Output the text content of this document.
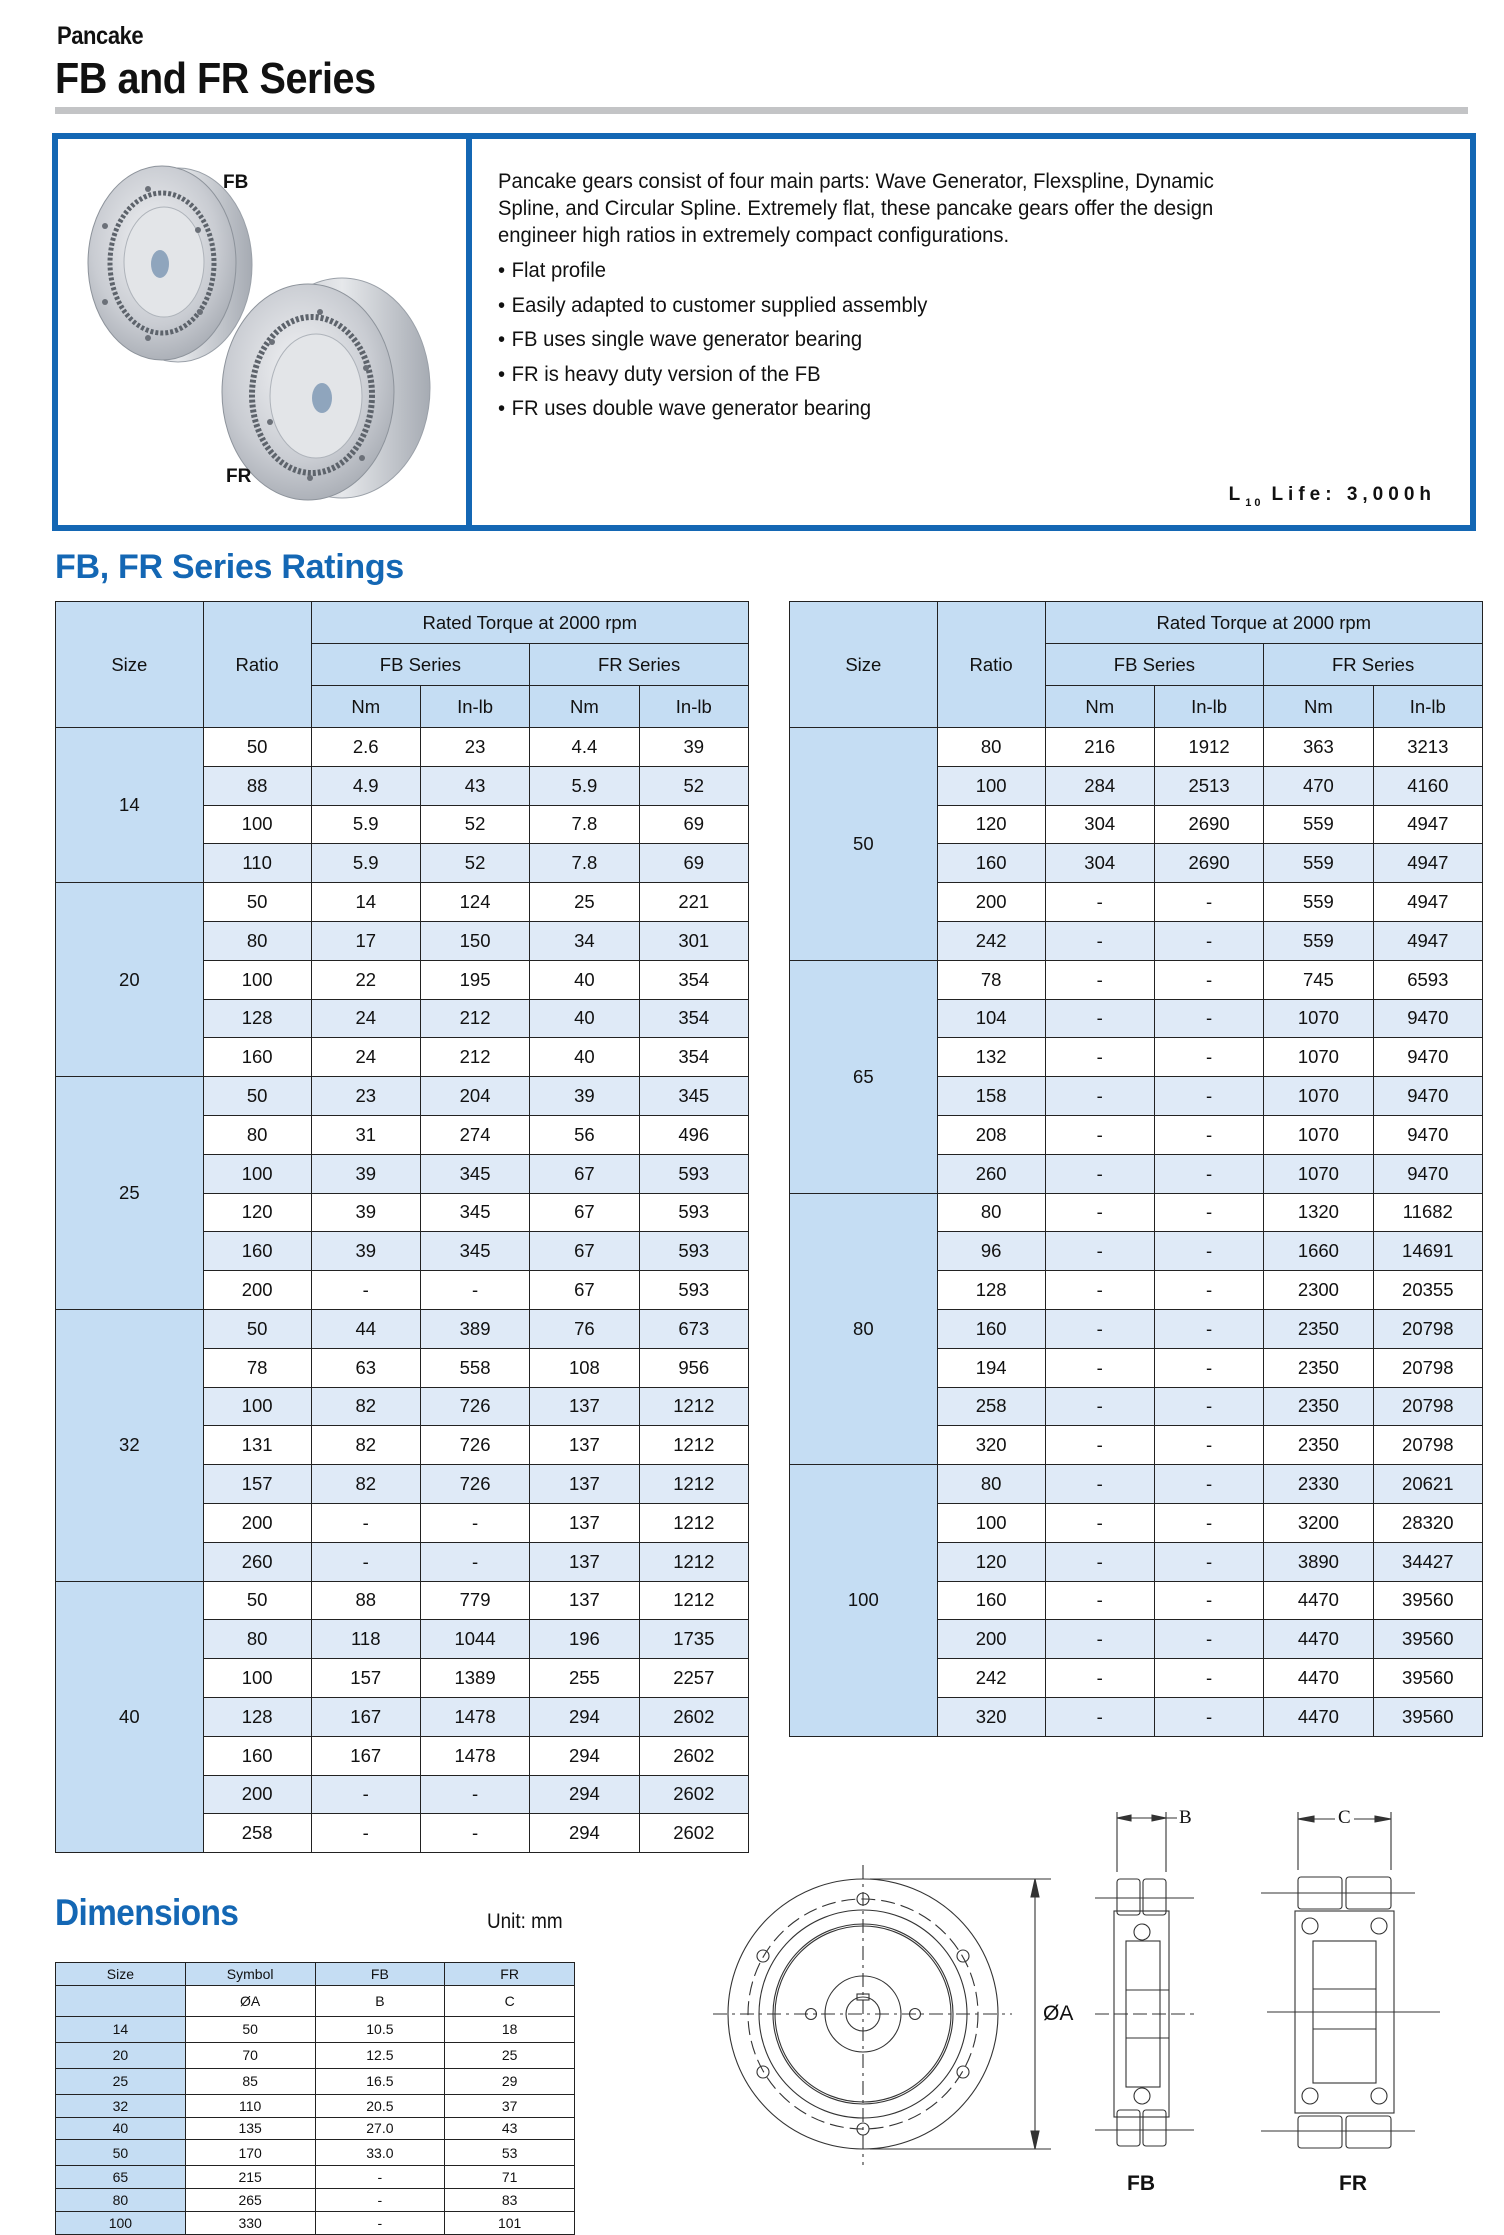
Pancake
FB and FR Series
FB
FR

Pancake gears consist of four main parts: Wave Generator, Flexspline, Dynamic
Spline, and Circular Spline. Extremely flat, these pancake gears offer the design
engineer high ratios in extremely compact configurations.

• Flat profile
• Easily adapted to customer supplied assembly
• FB uses single wave generator bearing
• FR is heavy duty version of the FB
• FR uses double wave generator bearing
$L_{10}$ Life: 3,000h
FB, FR Series Ratings
Size	Ratio	Rated Torque at 2000 rpm			
		FB Series		FR Series	
		Nm	In-lb	Nm	In-lb
14	50	2.6	23	4.4	39
	88	4.9	43	5.9	52
	100	5.9	52	7.8	69
	110	5.9	52	7.8	69
20	50	14	124	25	221
	80	17	150	34	301
	100	22	195	40	354
	128	24	212	40	354
	160	24	212	40	354
25	50	23	204	39	345
	80	31	274	56	496
	100	39	345	67	593
	120	39	345	67	593
	160	39	345	67	593
	200	-	-	67	593
32	50	44	389	76	673
	78	63	558	108	956
	100	82	726	137	1212
	131	82	726	137	1212
	157	82	726	137	1212
	200	-	-	137	1212
	260	-	-	137	1212
40	50	88	779	137	1212
	80	118	1044	196	1735
	100	157	1389	255	2257
	128	167	1478	294	2602
	160	167	1478	294	2602
	200	-	-	294	2602
	258	-	-	294	2602
Size	Ratio	Rated Torque at 2000 rpm			
		FB Series		FR Series	
		Nm	In-lb	Nm	In-lb
50	80	216	1912	363	3213
	100	284	2513	470	4160
	120	304	2690	559	4947
	160	304	2690	559	4947
	200	-	-	559	4947
	242	-	-	559	4947
65	78	-	-	745	6593
	104	-	-	1070	9470
	132	-	-	1070	9470
	158	-	-	1070	9470
	208	-	-	1070	9470
	260	-	-	1070	9470
80	80	-	-	1320	11682
	96	-	-	1660	14691
	128	-	-	2300	20355
	160	-	-	2350	20798
	194	-	-	2350	20798
	258	-	-	2350	20798
	320	-	-	2350	20798
100	80	-	-	2330	20621
	100	-	-	3200	28320
	120	-	-	3890	34427
	160	-	-	4470	39560
	200	-	-	4470	39560
	242	-	-	4470	39560
	320	-	-	4470	39560
Dimensions	Unit: mm
Size	Symbol	FB	FR
	ØA	B	C
14	50	10.5	18
20	70	12.5	25
25	85	16.5	29
32	110	20.5	37
40	135	27.0	43
50	170	33.0	53
65	215	-	71
80	265	-	83
100	330	-	101
ØA
B	C
FB	FR
